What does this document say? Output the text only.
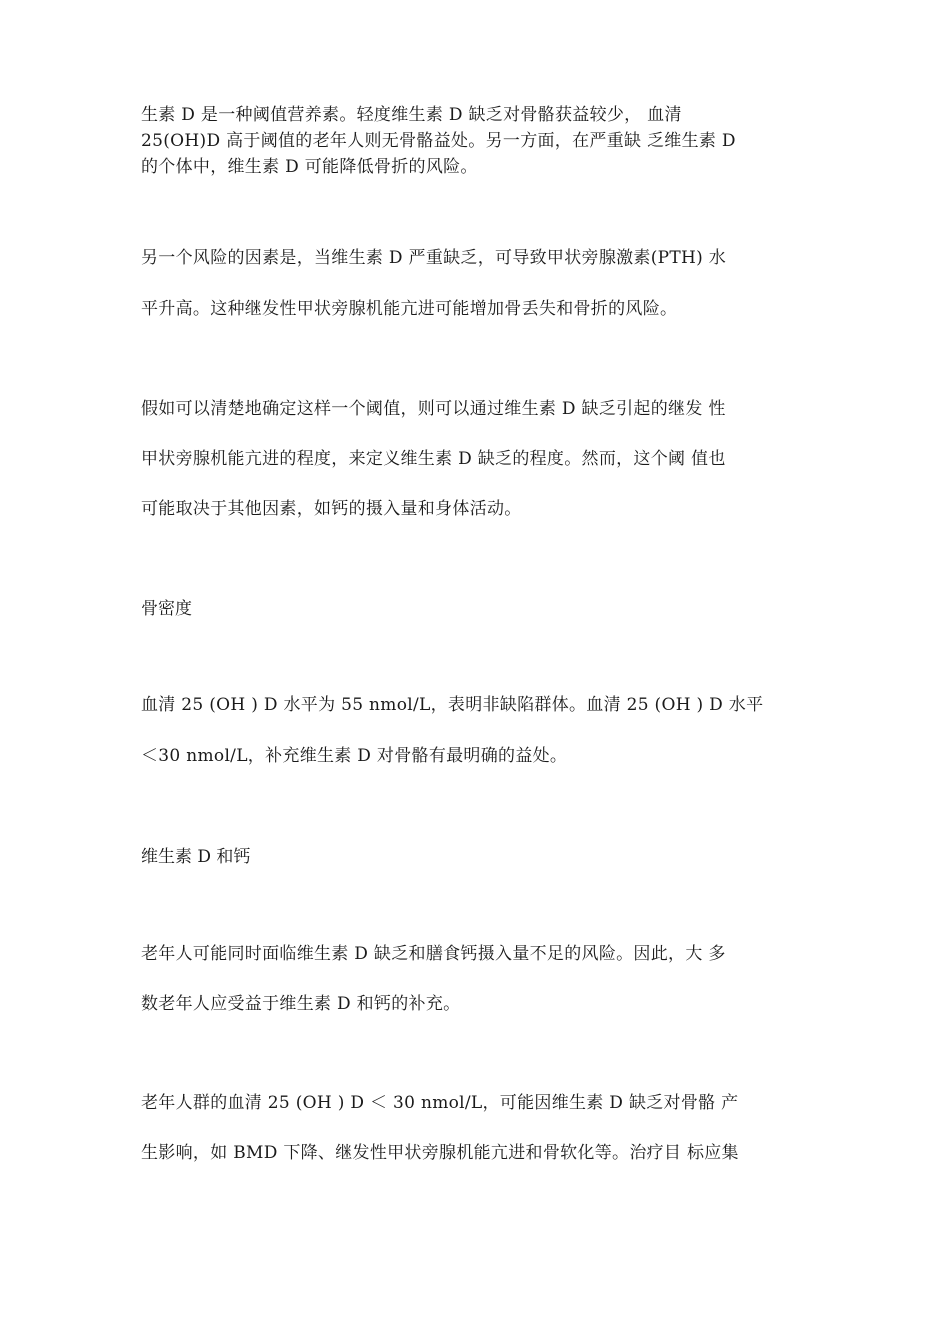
生素 D 是一种阈值营养素。轻度维生素 D 缺乏对骨骼获益较少， 血清
25(OH)D 高于阈值的老年人则无骨骼益处。另一方面，在严重缺 乏维生素 D
的个体中，维生素 D 可能降低骨折的风险。
另一个风险的因素是，当维生素 D 严重缺乏，可导致甲状旁腺激素(PTH) 水
平升高。这种继发性甲状旁腺机能亢进可能增加骨丢失和骨折的风险。
假如可以清楚地确定这样一个阈值，则可以通过维生素 D 缺乏引起的继发 性
甲状旁腺机能亢进的程度，来定义维生素 D 缺乏的程度。然而，这个阈 值也
可能取决于其他因素，如钙的摄入量和身体活动。
骨密度
血清 25 (OH ) D 水平为 55 nmol/L，表明非缺陷群体。血清 25 (OH ) D 水平
＜30 nmol/L，补充维生素 D 对骨骼有最明确的益处。
维生素 D 和钙
老年人可能同时面临维生素 D 缺乏和膳食钙摄入量不足的风险。因此，大 多
数老年人应受益于维生素 D 和钙的补充。
老年人群的血清 25 (OH ) D ＜ 30 nmol/L，可能因维生素 D 缺乏对骨骼 产
生影响，如 BMD 下降、继发性甲状旁腺机能亢进和骨软化等。治疗目 标应集
